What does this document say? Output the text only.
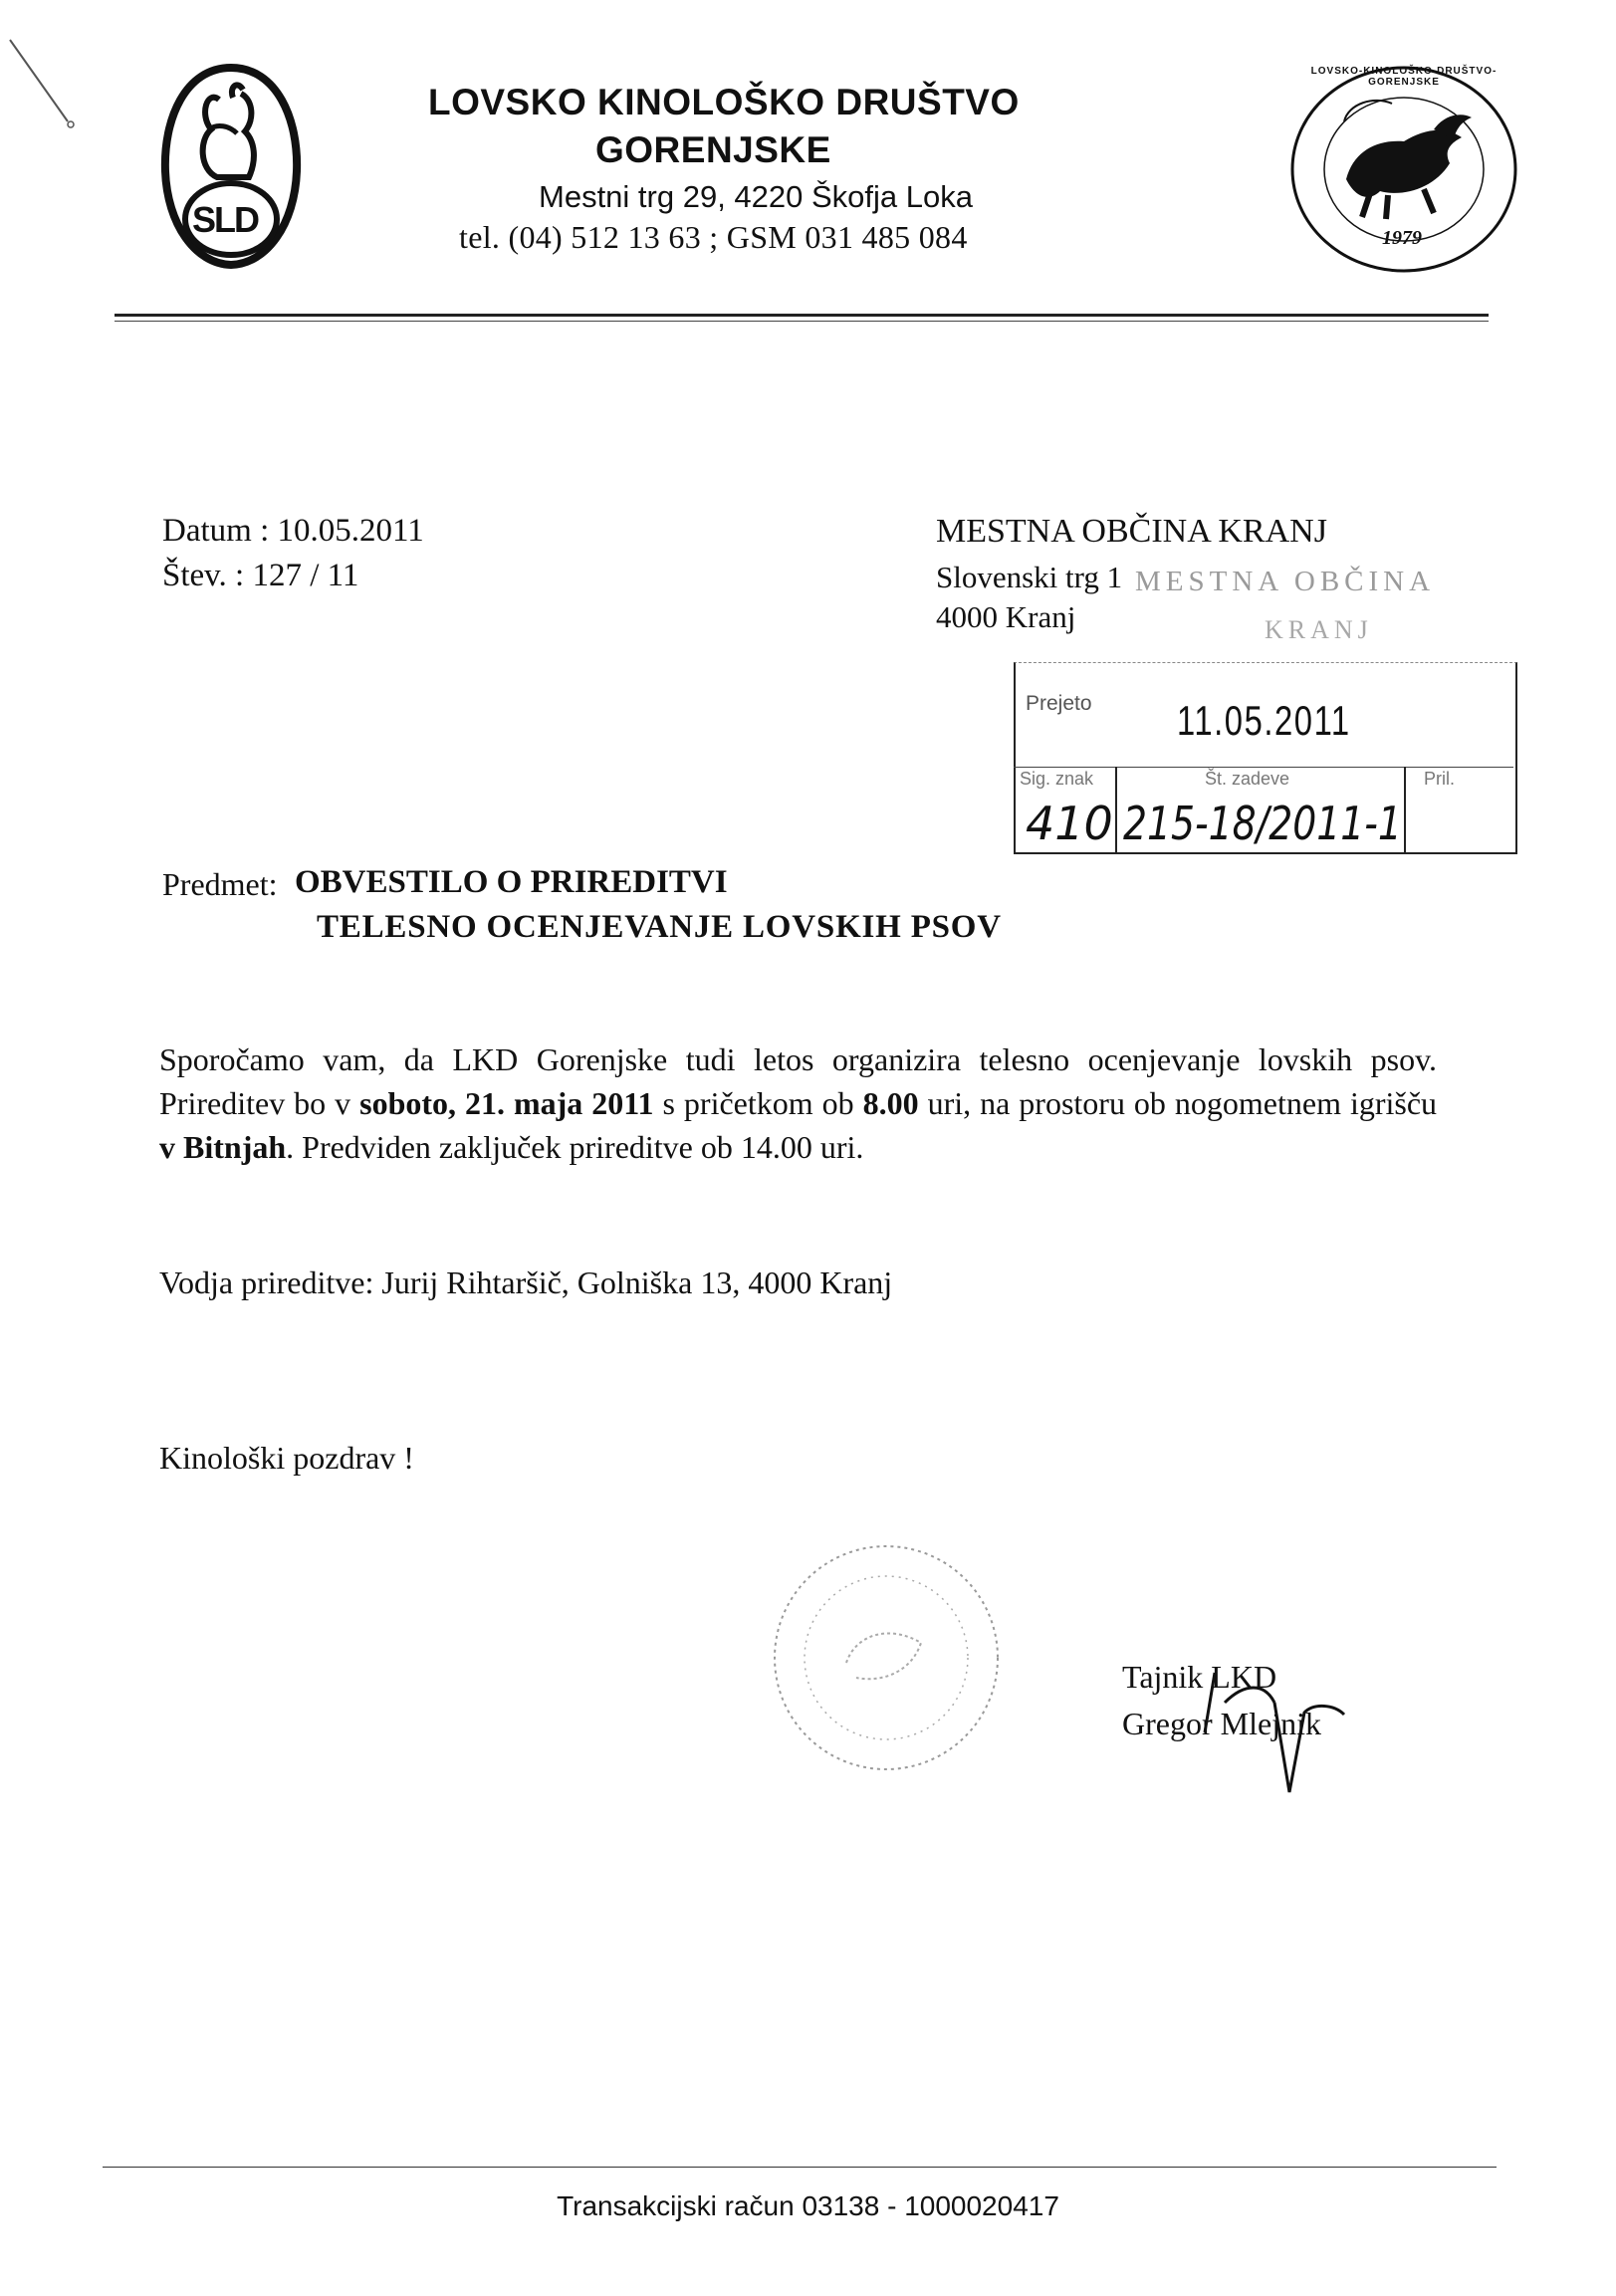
SLD
LOVSKO KINOLOŠKO DRUŠTVO
GORENJSKE
Mestni trg 29, 4220 Škofja Loka
tel. (04) 512 13 63 ; GSM 031 485 084	1979
LOVSKO-KINOLOŠKO-DRUŠTVO-GORENJSKE
Datum : 10.05.2011
Štev. : 127 / 11
MESTNA OBČINA KRANJ
Slovenski trg 1
4000 Kranj
MESTNA OBČINA
KRANJ
Prejeto 11.05.2011
Sig. znak	Št. zadeve	Pril.
410 215-18/2011-1
Predmet: OBVESTILO O PRIREDITVI
TELESNO OCENJEVANJE LOVSKIH PSOV
Sporočamo vam, da LKD Gorenjske tudi letos organizira telesno ocenjevanje lovskih psov. Prireditev bo v soboto, 21. maja 2011 s pričetkom ob 8.00 uri, na prostoru ob nogometnem igrišču v Bitnjah. Predviden zaključek prireditve ob 14.00 uri.
Vodja prireditve: Jurij Rihtaršič, Golniška 13, 4000 Kranj
Kinološki pozdrav !
Tajnik LKD
Gregor Mlejnik
Transakcijski račun 03138 - 1000020417
